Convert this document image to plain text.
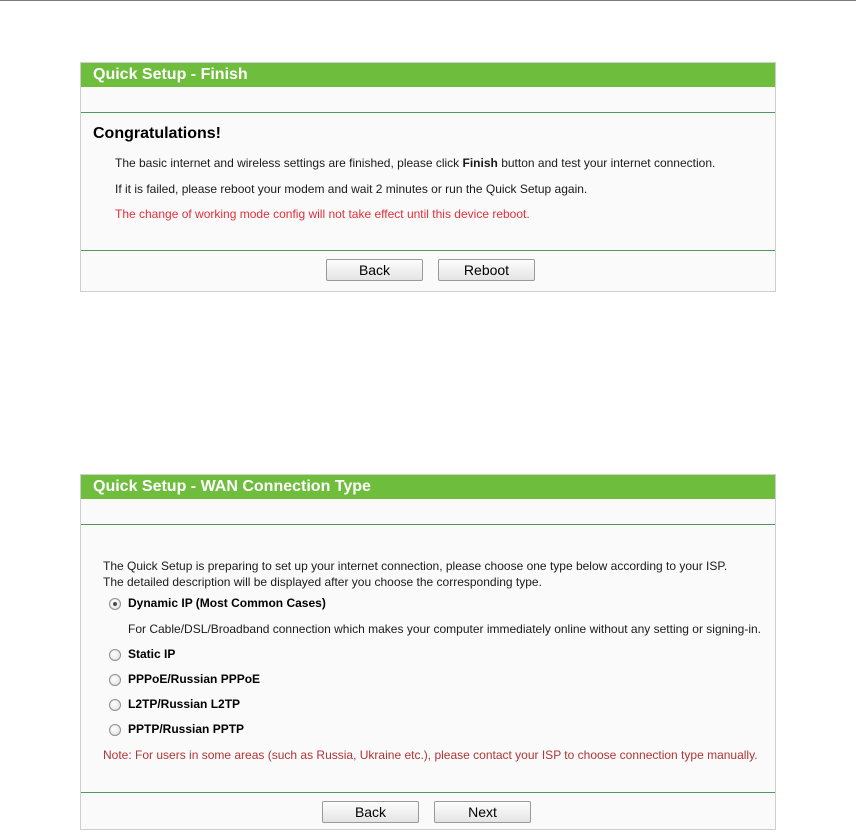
Quick Setup - Finish
Congratulations!
The basic internet and wireless settings are finished, please click Finish button and test your internet connection.
If it is failed, please reboot your modem and wait 2 minutes or run the Quick Setup again.
The change of working mode config will not take effect until this device reboot.
Back	Reboot
Quick Setup - WAN Connection Type
The Quick Setup is preparing to set up your internet connection, please choose one type below according to your ISP.
The detailed description will be displayed after you choose the corresponding type.
Dynamic IP (Most Common Cases)
For Cable/DSL/Broadband connection which makes your computer immediately online without any setting or signing-in.
Static IP
PPPoE/Russian PPPoE
L2TP/Russian L2TP
PPTP/Russian PPTP
Note: For users in some areas (such as Russia, Ukraine etc.), please contact your ISP to choose connection type manually.
Back	Next
